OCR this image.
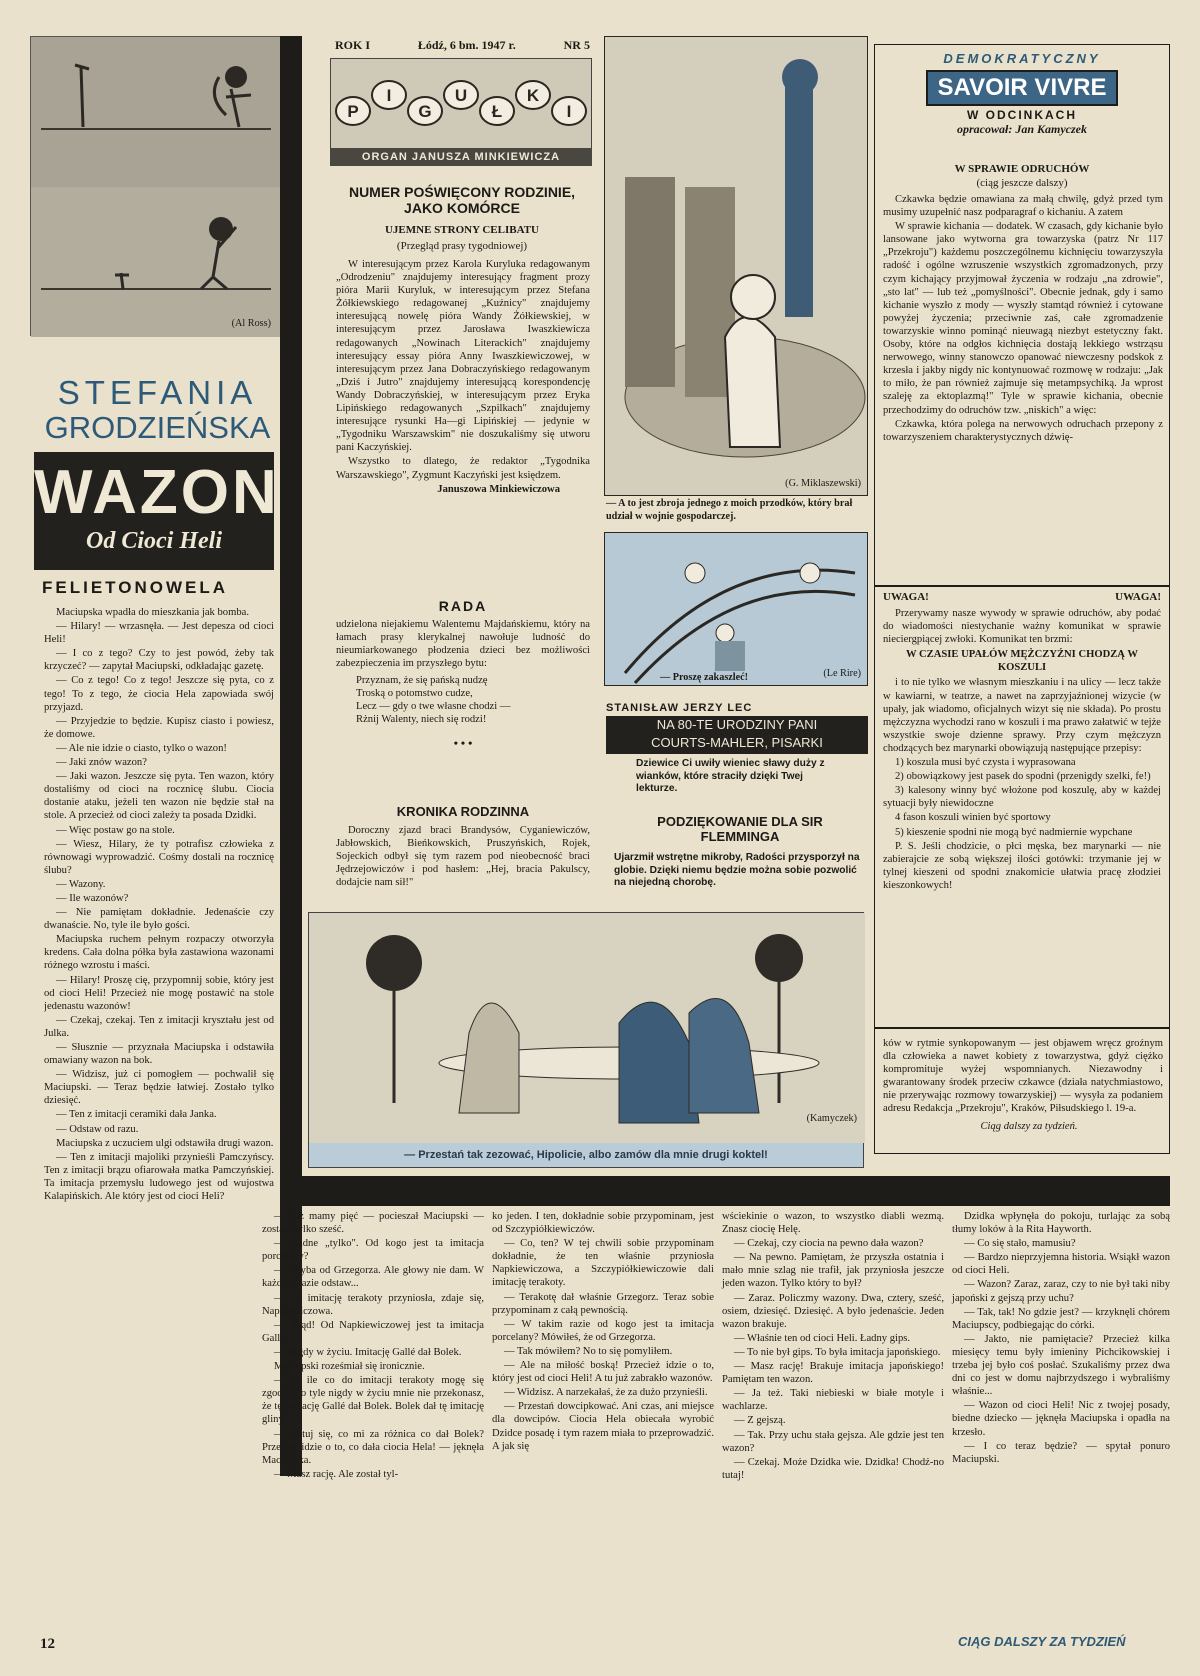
(Al Ross)
STEFANIA
GRODZIEŃSKA
WAZON
Od Cioci Heli
FELIETONOWELA

Maciupska wpadła do mieszkania jak bomba.

— Hilary! — wrzasnęła. — Jest depesza od cioci Heli!

— I co z tego? Czy to jest powód, żeby tak krzyczeć? — zapytał Maciupski, odkładając gazetę.

— Co z tego! Co z tego! Jeszcze się pyta, co z tego! To z tego, że ciocia Hela zapowiada swój przyjazd.

— Przyjedzie to będzie. Kupisz ciasto i powiesz, że domowe.

— Ale nie idzie o ciasto, tylko o wazon!

— Jaki znów wazon?

— Jaki wazon. Jeszcze się pyta. Ten wazon, który dostaliśmy od cioci na rocznicę ślubu. Ciocia dostanie ataku, jeżeli ten wazon nie będzie stał na stole. A przecież od cioci zależy ta posada Dzidki.

— Więc postaw go na stole.

— Wiesz, Hilary, że ty potrafisz człowieka z równowagi wyprowadzić. Cośmy dostali na rocznicę ślubu?

— Wazony.

— Ile wazonów?

— Nie pamiętam dokładnie. Jedenaście czy dwanaście. No, tyle ile było gości.

Maciupska ruchem pełnym rozpaczy otworzyła kredens. Cała dolna półka była zastawiona wazonami różnego wzrostu i maści.

— Hilary! Proszę cię, przypomnij sobie, który jest od cioci Heli! Przecież nie mogę postawić na stole jedenastu wazonów!

— Czekaj, czekaj. Ten z imitacji kryształu jest od Julka.

— Słusznie — przyznała Maciupska i odstawiła omawiany wazon na bok.

— Widzisz, już ci pomogłem — pochwalił się Maciupski. — Teraz będzie łatwiej. Zostało tylko dziesięć.

— Ten z imitacji ceramiki dała Janka.

— Odstaw od razu.

Maciupska z uczuciem ulgi odstawiła drugi wazon.

— Ten z imitacji majoliki przynieśli Pamczyńscy. Ten z imitacji brązu ofiarowała matka Pamczyńskiej. Ta imitacja przemysłu ludowego jest od wujostwa Kalapińskich. Ale który jest od cioci Heli?

ROK I	Łódź, 6 bm. 1947 r.	NR 5
P
I
G
U
Ł
K
I
ORGAN JANUSZA MINKIEWICZA
NUMER POŚWIĘCONY RODZINIE, JAKO KOMÓRCE
UJEMNE STRONY CELIBATU
(Przegląd prasy tygodniowej)

W interesującym przez Karola Kuryluka redagowanym „Odrodzeniu" znajdujemy interesujący fragment prozy pióra Marii Kuryluk, w interesującym przez Stefana Żółkiewskiego redagowanej „Kuźnicy" znajdujemy interesującą nowelę pióra Wandy Żółkiewskiej, w interesującym przez Jarosława Iwaszkiewicza redagowanych „Nowinach Literackich" znajdujemy interesujący essay pióra Anny Iwaszkiewiczowej, w interesującym przez Jana Dobraczyńskiego redagowanym „Dziś i Jutro" znajdujemy interesującą korespondencję Wandy Dobraczyńskiej, w interesującym przez Eryka Lipińskiego redagowanych „Szpilkach" znajdujemy interesujące rysunki Ha—gi Lipińskiej — jedynie w „Tygodniku Warszawskim" nie doszukaliśmy się utworu pani Kaczyńskiej.

Wszystko to dlatego, że redaktor „Tygodnika Warszawskiego", Zygmunt Kaczyński jest księdzem.

Januszowa Minkiewiczowa

RADA

udzielona niejakiemu Walentemu Majdańskiemu, który na łamach prasy klerykalnej nawołuje ludność do nieumiarkowanego płodzenia dzieci bez możliwości zabezpieczenia im przyszłego bytu:

Przyznam, że się pańską nudzę
Troską o potomstwo cudze,
Lecz — gdy o twe własne chodzi —
Rżnij Walenty, niech się rodzi!
• • •
KRONIKA RODZINNA

Doroczny zjazd braci Brandysów, Cyganiewiczów, Jabłowskich, Bieńkowskich, Pruszyńskich, Rojek, Sojeckich odbył się tym razem pod nieobecność braci Jędrzejowiczów i pod hasłem: „Hej, bracia Pakulscy, dodajcie nam sił!"

(G. Miklaszewski)
— A to jest zbroja jednego z moich przodków, który brał udział w wojnie gospodarczej.
(Le Rire)
— Proszę zakaszleć!
STANISŁAW JERZY LEC
NA 80-TE URODZINY PANI
COURTS-MAHLER, PISARKI
Dziewice Ci uwiły wieniec sławy duży z wianków, które straciły dzięki Twej lekturze.
PODZIĘKOWANIE DLA SIR FLEMMINGA
Ujarzmił wstrętne mikroby, Radości przysporzył na globie. Dzięki niemu będzie można sobie pozwolić na niejedną chorobę.
(Kamyczek)
— Przestań tak zezować, Hipolicie, albo zamów dla mnie drugi koktel!
DEMOKRATYCZNY
SAVOIR VIVRE
W ODCINKACH
opracował: Jan Kamyczek
W SPRAWIE ODRUCHÓW
(ciąg jeszcze dalszy)

Czkawka będzie omawiana za małą chwilę, gdyż przed tym musimy uzupełnić nasz podparagraf o kichaniu. A zatem

W sprawie kichania — dodatek. W czasach, gdy kichanie było lansowane jako wytworna gra towarzyska (patrz Nr 117 „Przekroju") każdemu poszczególnemu kichnięciu towarzyszyła radość i ogólne wzruszenie wszystkich zgromadzonych, przy czym kichający przyjmował życzenia w rodzaju „na zdrowie", „sto lat" — lub też „pomyślności". Obecnie jednak, gdy i samo kichanie wyszło z mody — wyszły stamtąd również i cytowane powyżej życzenia; przeciwnie zaś, całe zgromadzenie towarzyskie winno pominąć nieuwagą niezbyt estetyczny fakt. Osoby, które na odgłos kichnięcia dostają lekkiego wstrząsu nerwowego, winny stanowczo opanować niewczesny podskok z krzesła i jakby nigdy nic kontynuować rozmowę w rodzaju: „Jak to miło, że pan również zajmuje się metampsychiką. Ja wprost szaleję za ektoplazmą!" Tyle w sprawie kichania, obecnie przechodzimy do odruchów tzw. „niskich" a więc:

Czkawka, która polega na nerwowych odruchach przepony z towarzyszeniem charakterystycznych dźwię-

UWAGA!	UWAGA!

Przerywamy nasze wywody w sprawie odruchów, aby podać do wiadomości niestychanie ważny komunikat w sprawie nieciergpiącej zwłoki. Komunikat ten brzmi:

W CZASIE UPAŁÓW MĘŻCZYŹNI CHODZĄ W KOSZULI

i to nie tylko we własnym mieszkaniu i na ulicy — lecz także w kawiarni, w teatrze, a nawet na zaprzyjaźnionej wizycie (w upały, jak wiadomo, oficjalnych wizyt się nie składa). Po prostu mężczyzna wychodzi rano w koszuli i ma prawo załatwić w tejże wszystkie swoje dzienne sprawy. Przy czym mężczyzn chodzących bez marynarki obowiązują następujące przepisy:

1) koszula musi być czysta i wyprasowana

2) obowiązkowy jest pasek do spodni (przenigdy szelki, fe!)

3) kalesony winny być włożone pod koszulę, aby w każdej sytuacji były niewidoczne

4 fason koszuli winien być sportowy

5) kieszenie spodni nie mogą być nadmiernie wypchane

P. S. Jeśli chodzicie, o płci męska, bez marynarki — nie zabierajcie ze sobą większej ilości gotówki: trzymanie jej w tylnej kieszeni od spodni znakomicie ułatwia pracę złodziei kieszonkowych!

ków w rytmie synkopowanym — jest objawem wręcz groźnym dla człowieka a nawet kobiety z towarzystwa, gdyż ciężko kompromituje wyżej wspomnianych. Niezawodny i gwarantowany środek przeciw czkawce (działa natychmiastowo, nie przerywając rozmowy towarzyskiej) — wysyła za podaniem adresu Redakcja „Przekroju", Kraków, Piłsudskiego l. 19-a.

Ciąg dalszy za tydzień.

— Już mamy pięć — pocieszał Maciupski — zostało tylko sześć.

— Ładne „tylko". Od kogo jest ta imitacja porcelany?

— Chyba od Grzegorza. Ale głowy nie dam. W każdym razie odstaw...

— Tę imitację terakoty przyniosła, zdaje się, Napkiewiczowa.

— Skąd! Od Napkiewiczowej jest ta imitacja Gallé.

— Nigdy w życiu. Imitację Gallé dał Bolek.

Maciupski roześmiał się ironicznie.

— O ile co do imitacji terakoty mogę się zgodzić, o tyle nigdy w życiu mnie nie przekonasz, że tę imitację Gallé dał Bolek. Bolek dał tę imitację gliny.

— Zlituj się, co mi za różnica co dał Bolek? Przecież idzie o to, co dała ciocia Hela! — jęknęła Maciupska.

— Masz rację. Ale został tyl-

ko jeden. I ten, dokładnie sobie przypominam, jest od Szczypiółkiewiczów.

— Co, ten? W tej chwili sobie przypominam dokładnie, że ten właśnie przyniosła Napkiewiczowa, a Szczypiółkiewiczowie dali imitację terakoty.

— Terakotę dał właśnie Grzegorz. Teraz sobie przypominam z całą pewnością.

— W takim razie od kogo jest ta imitacja porcelany? Mówiłeś, że od Grzegorza.

— Tak mówiłem? No to się pomyliłem.

— Ale na miłość boską! Przecież idzie o to, który jest od cioci Heli! A tu już zabrakło wazonów.

— Widzisz. A narzekałaś, że za dużo przynieśli.

— Przestań dowcipkować. Ani czas, ani miejsce dla dowcipów. Ciocia Hela obiecała wyrobić Dzidce posadę i tym razem miała to przeprowadzić. A jak się

wściekinie o wazon, to wszystko diabli wezmą. Znasz ciocię Helę.

— Czekaj, czy ciocia na pewno dała wazon?

— Na pewno. Pamiętam, że przyszła ostatnia i mało mnie szlag nie trafił, jak przyniosła jeszcze jeden wazon. Tylko który to był?

— Zaraz. Policzmy wazony. Dwa, cztery, sześć, osiem, dziesięć. Dziesięć. A było jedenaście. Jeden wazon brakuje.

— Właśnie ten od cioci Heli. Ładny gips.

— To nie był gips. To była imitacja japońskiego.

— Masz rację! Brakuje imitacja japońskiego! Pamiętam ten wazon.

— Ja też. Taki niebieski w białe motyle i wachlarze.

— Z gejszą.

— Tak. Przy uchu stała gejsza. Ale gdzie jest ten wazon?

— Czekaj. Może Dzidka wie. Dzidka! Chodź-no tutaj!

Dzidka wpłynęła do pokoju, turlając za sobą tłumy loków à la Rita Hayworth.

— Co się stało, mamusiu?

— Bardzo nieprzyjemna historia. Wsiąkł wazon od cioci Heli.

— Wazon? Zaraz, zaraz, czy to nie był taki niby japoński z gejszą przy uchu?

— Tak, tak! No gdzie jest? — krzyknęli chórem Maciupscy, podbiegając do córki.

— Jakto, nie pamiętacie? Przecież kilka miesięcy temu były imieniny Pichcikowskiej i trzeba jej było coś posłać. Szukaliśmy przez dwa dni co jest w domu najbrzydszego i wybraliśmy właśnie...

— Wazon od cioci Heli! Nic z twojej posady, biedne dziecko — jęknęła Maciupska i opadła na krzesło.

— I co teraz będzie? — spytał ponuro Maciupski.

CIĄG DALSZY ZA TYDZIEŃ
12
